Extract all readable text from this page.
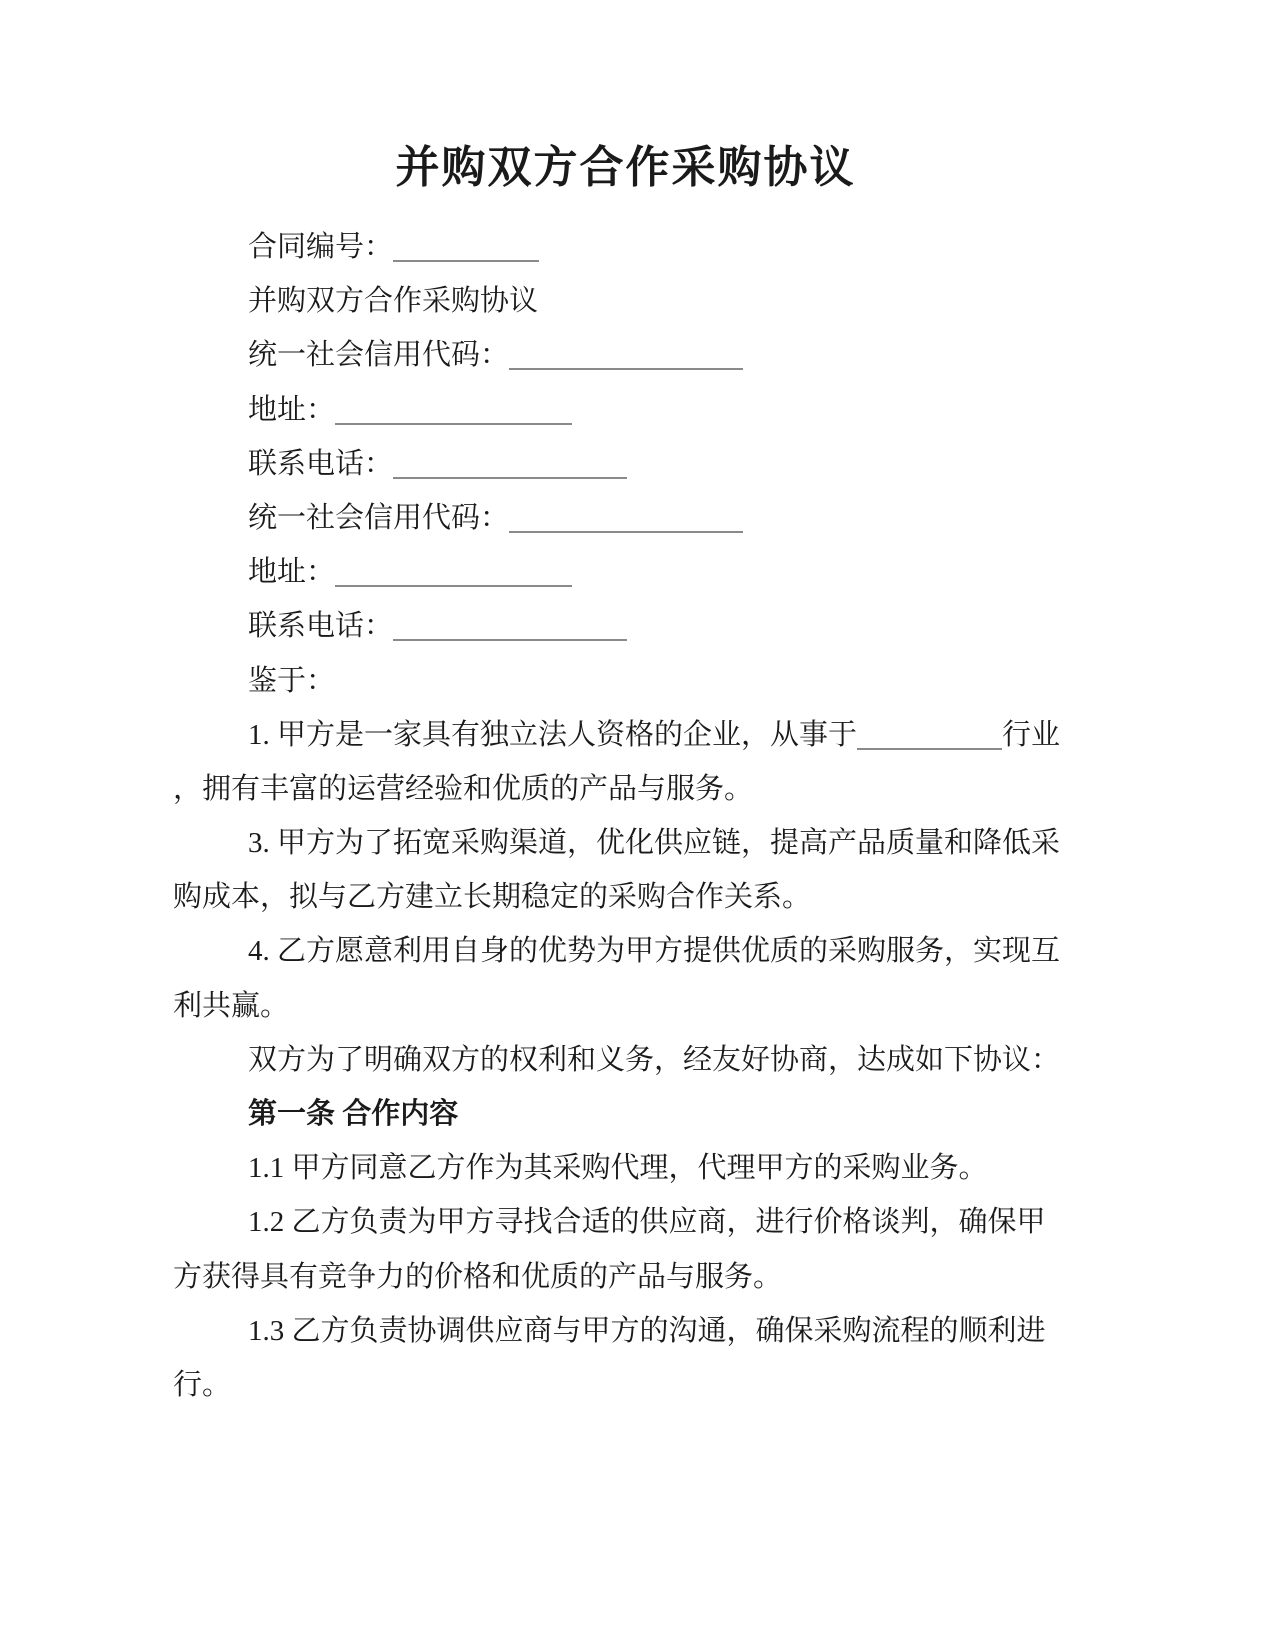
并购双方合作采购协议
合同编号：
并购双方合作采购协议
统一社会信用代码：
地址：
联系电话：
统一社会信用代码：
地址：
联系电话：
鉴于：
1. 甲方是一家具有独立法人资格的企业，从事于	行业
，拥有丰富的运营经验和优质的产品与服务。
3. 甲方为了拓宽采购渠道，优化供应链，提高产品质量和降低采
购成本，拟与乙方建立长期稳定的采购合作关系。
4. 乙方愿意利用自身的优势为甲方提供优质的采购服务，实现互
利共赢。
双方为了明确双方的权利和义务，经友好协商，达成如下协议：
第一条 合作内容
1.1 甲方同意乙方作为其采购代理，代理甲方的采购业务。
1.2 乙方负责为甲方寻找合适的供应商，进行价格谈判，确保甲
方获得具有竞争力的价格和优质的产品与服务。
1.3 乙方负责协调供应商与甲方的沟通，确保采购流程的顺利进
行。
